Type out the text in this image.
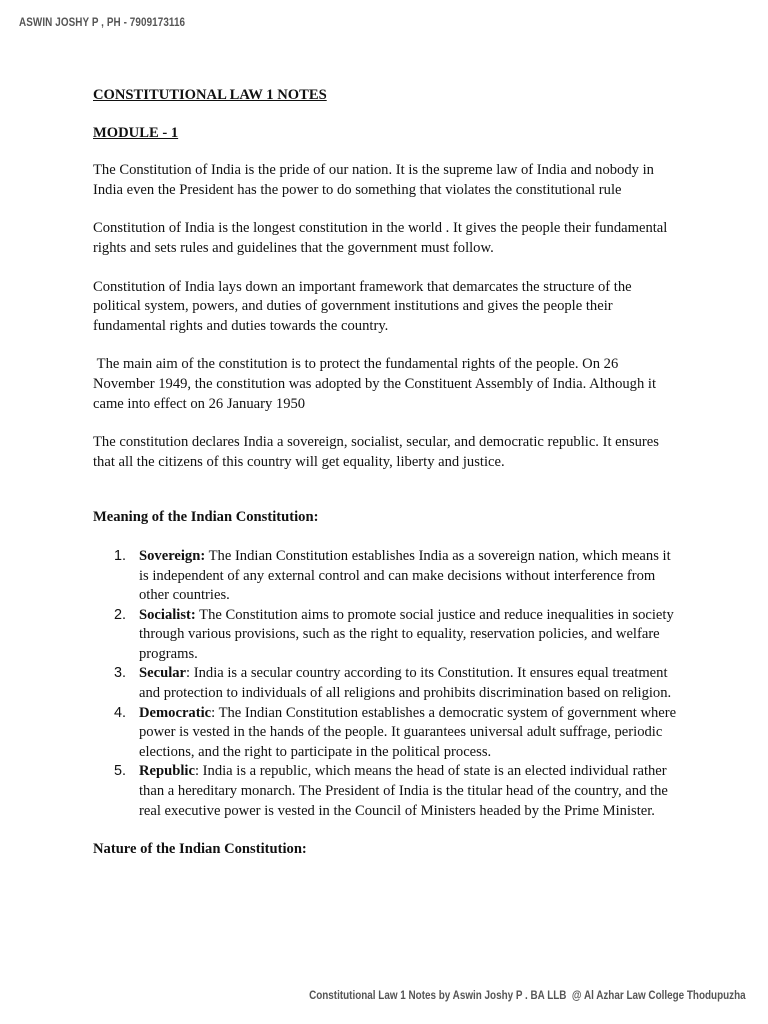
ASWIN JOSHY P , PH - 7909173116

CONSTITUTIONAL LAW 1 NOTES

MODULE - 1

The Constitution of India is the pride of our nation. It is the supreme law of India and nobody in India even the President has the power to do something that violates the constitutional rule

Constitution of India is the longest constitution in the world . It gives the people their fundamental rights and sets rules and guidelines that the government must follow.

Constitution of India lays down an important framework that demarcates the structure of the political system, powers, and duties of government institutions and gives the people their fundamental rights and duties towards the country.

The main aim of the constitution is to protect the fundamental rights of the people. On 26 November 1949, the constitution was adopted by the Constituent Assembly of India. Although it came into effect on 26 January 1950

The constitution declares India a sovereign, socialist, secular, and democratic republic. It ensures that all the citizens of this country will get equality, liberty and justice.

Meaning of the Indian Constitution:

1. Sovereign: The Indian Constitution establishes India as a sovereign nation, which means it is independent of any external control and can make decisions without interference from other countries.
2. Socialist: The Constitution aims to promote social justice and reduce inequalities in society through various provisions, such as the right to equality, reservation policies, and welfare programs.
3. Secular: India is a secular country according to its Constitution. It ensures equal treatment and protection to individuals of all religions and prohibits discrimination based on religion.
4. Democratic: The Indian Constitution establishes a democratic system of government where power is vested in the hands of the people. It guarantees universal adult suffrage, periodic elections, and the right to participate in the political process.
5. Republic: India is a republic, which means the head of state is an elected individual rather than a hereditary monarch. The President of India is the titular head of the country, and the real executive power is vested in the Council of Ministers headed by the Prime Minister.

Nature of the Indian Constitution:

Constitutional Law 1 Notes by Aswin Joshy P . BA LLB  @ Al Azhar Law College Thodupuzha
